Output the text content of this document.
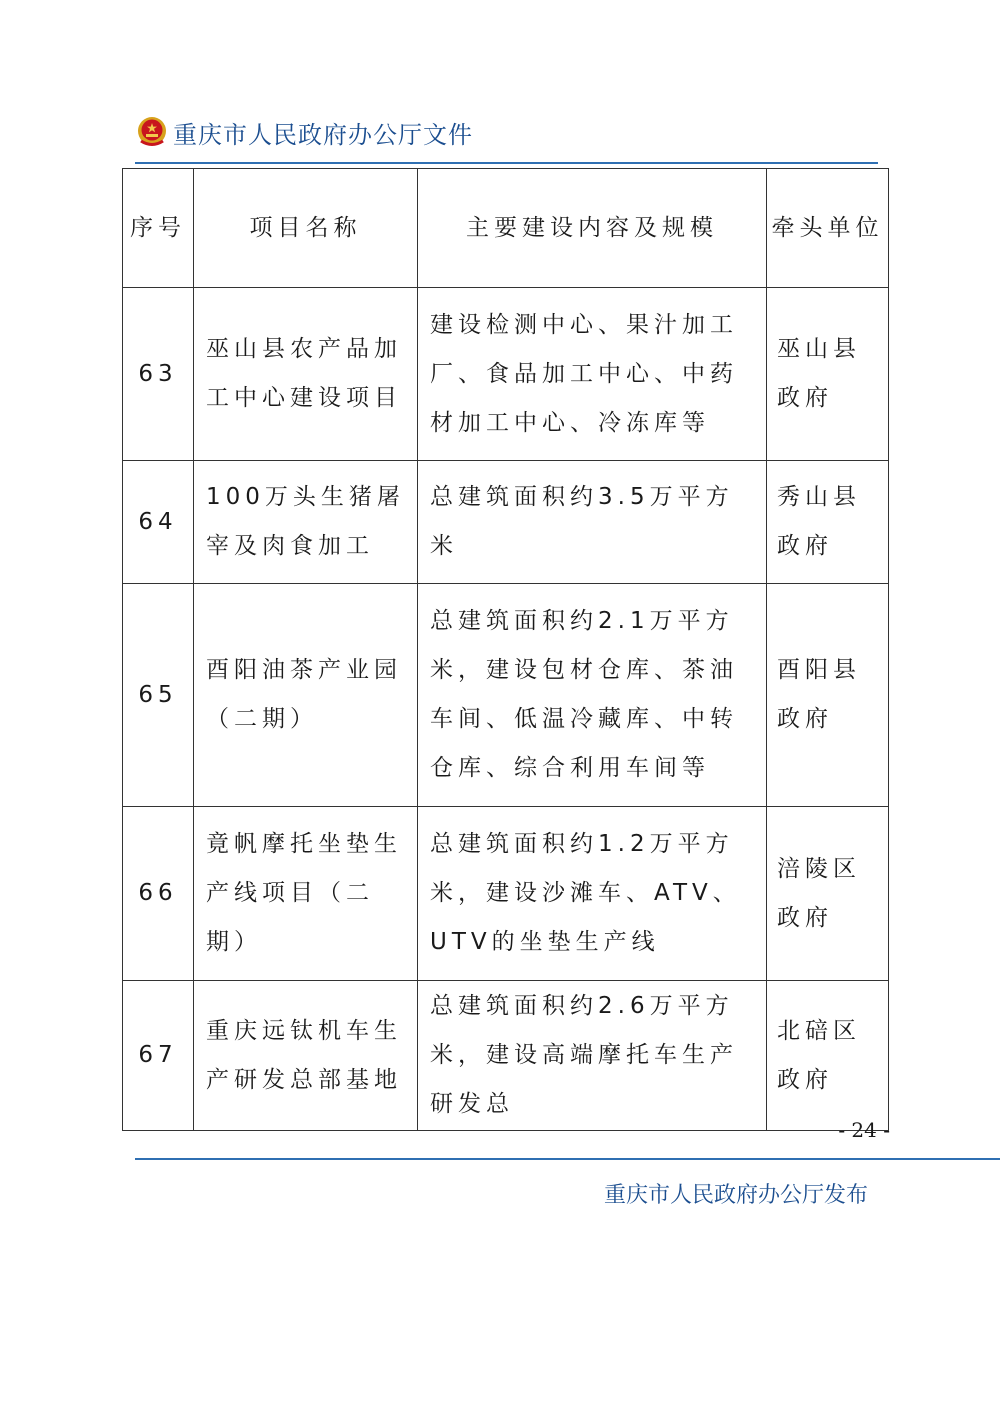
重庆市人民政府办公厅文件
序号	项目名称	主要建设内容及规模	牵头单位
63	巫山县农产品加工中心建设项目	建设检测中心、果汁加工厂、食品加工中心、中药材加工中心、冷冻库等	巫山县政府
64	100万头生猪屠宰及肉食加工	总建筑面积约3.5万平方米	秀山县政府
65	酉阳油茶产业园（二期）	总建筑面积约2.1万平方米，建设包材仓库、茶油车间、低温冷藏库、中转仓库、综合利用车间等	酉阳县政府
66	竟帆摩托坐垫生产线项目（二期）	总建筑面积约1.2万平方米，建设沙滩车、ATV、UTV的坐垫生产线	涪陵区政府
67	重庆远钛机车生产研发总部基地	总建筑面积约2.6万平方米，建设高端摩托车生产研发总	北碚区政府
- 24 -
重庆市人民政府办公厅发布
